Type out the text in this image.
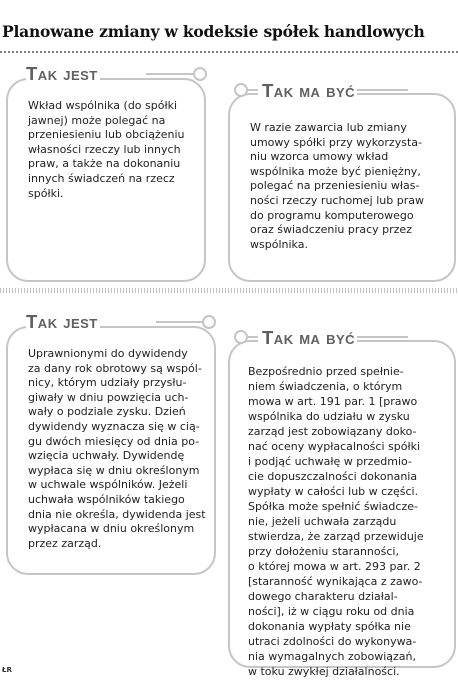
Planowane zmiany w kodeksie spółek handlowych
Tak jest

Wkład wspólnika (do spółki
jawnej) może polegać na
przeniesieniu lub obciążeniu
własności rzeczy lub innych
praw, a także na dokonaniu
innych świadczeń na rzecz
spółki.

Tak ma być

W razie zawarcia lub zmiany
umowy spółki przy wykorzysta-
niu wzorca umowy wkład
wspólnika może być pieniężny,
polegać na przeniesieniu włas-
ności rzeczy ruchomej lub praw
do programu komputerowego
oraz świadczeniu pracy przez
wspólnika.

Tak jest

Uprawnionymi do dywidendy
za dany rok obrotowy są wspól-
nicy, którym udziały przysłu-
giwały w dniu powzięcia uch-
wały o podziale zysku. Dzień
dywidendy wyznacza się w cią-
gu dwóch miesięcy od dnia po-
wzięcia uchwały. Dywidendę
wypłaca się w dniu określonym
w uchwale wspólników. Jeżeli
uchwała wspólników takiego
dnia nie określa, dywidenda jest
wypłacana w dniu określonym
przez zarząd.

Tak ma być

Bezpośrednio przed spełnie-
niem świadczenia, o którym
mowa w art. 191 par. 1 [prawo
wspólnika do udziału w zysku
zarząd jest zobowiązany doko-
nać oceny wypłacalności spółki
i podjąć uchwałę w przedmio-
cie dopuszczalności dokonania
wypłaty w całości lub w części.
Spółka może spełnić świadcze-
nie, jeżeli uchwała zarządu
stwierdza, że zarząd przewiduje
przy dołożeniu staranności,
o której mowa w art. 293 par. 2
[staranność wynikająca z zawo-
dowego charakteru działal-
ności], iż w ciągu roku od dnia
dokonania wypłaty spółka nie
utraci zdolności do wykonywa-
nia wymagalnych zobowiązań,
w toku zwykłej działalności.

ŁR
